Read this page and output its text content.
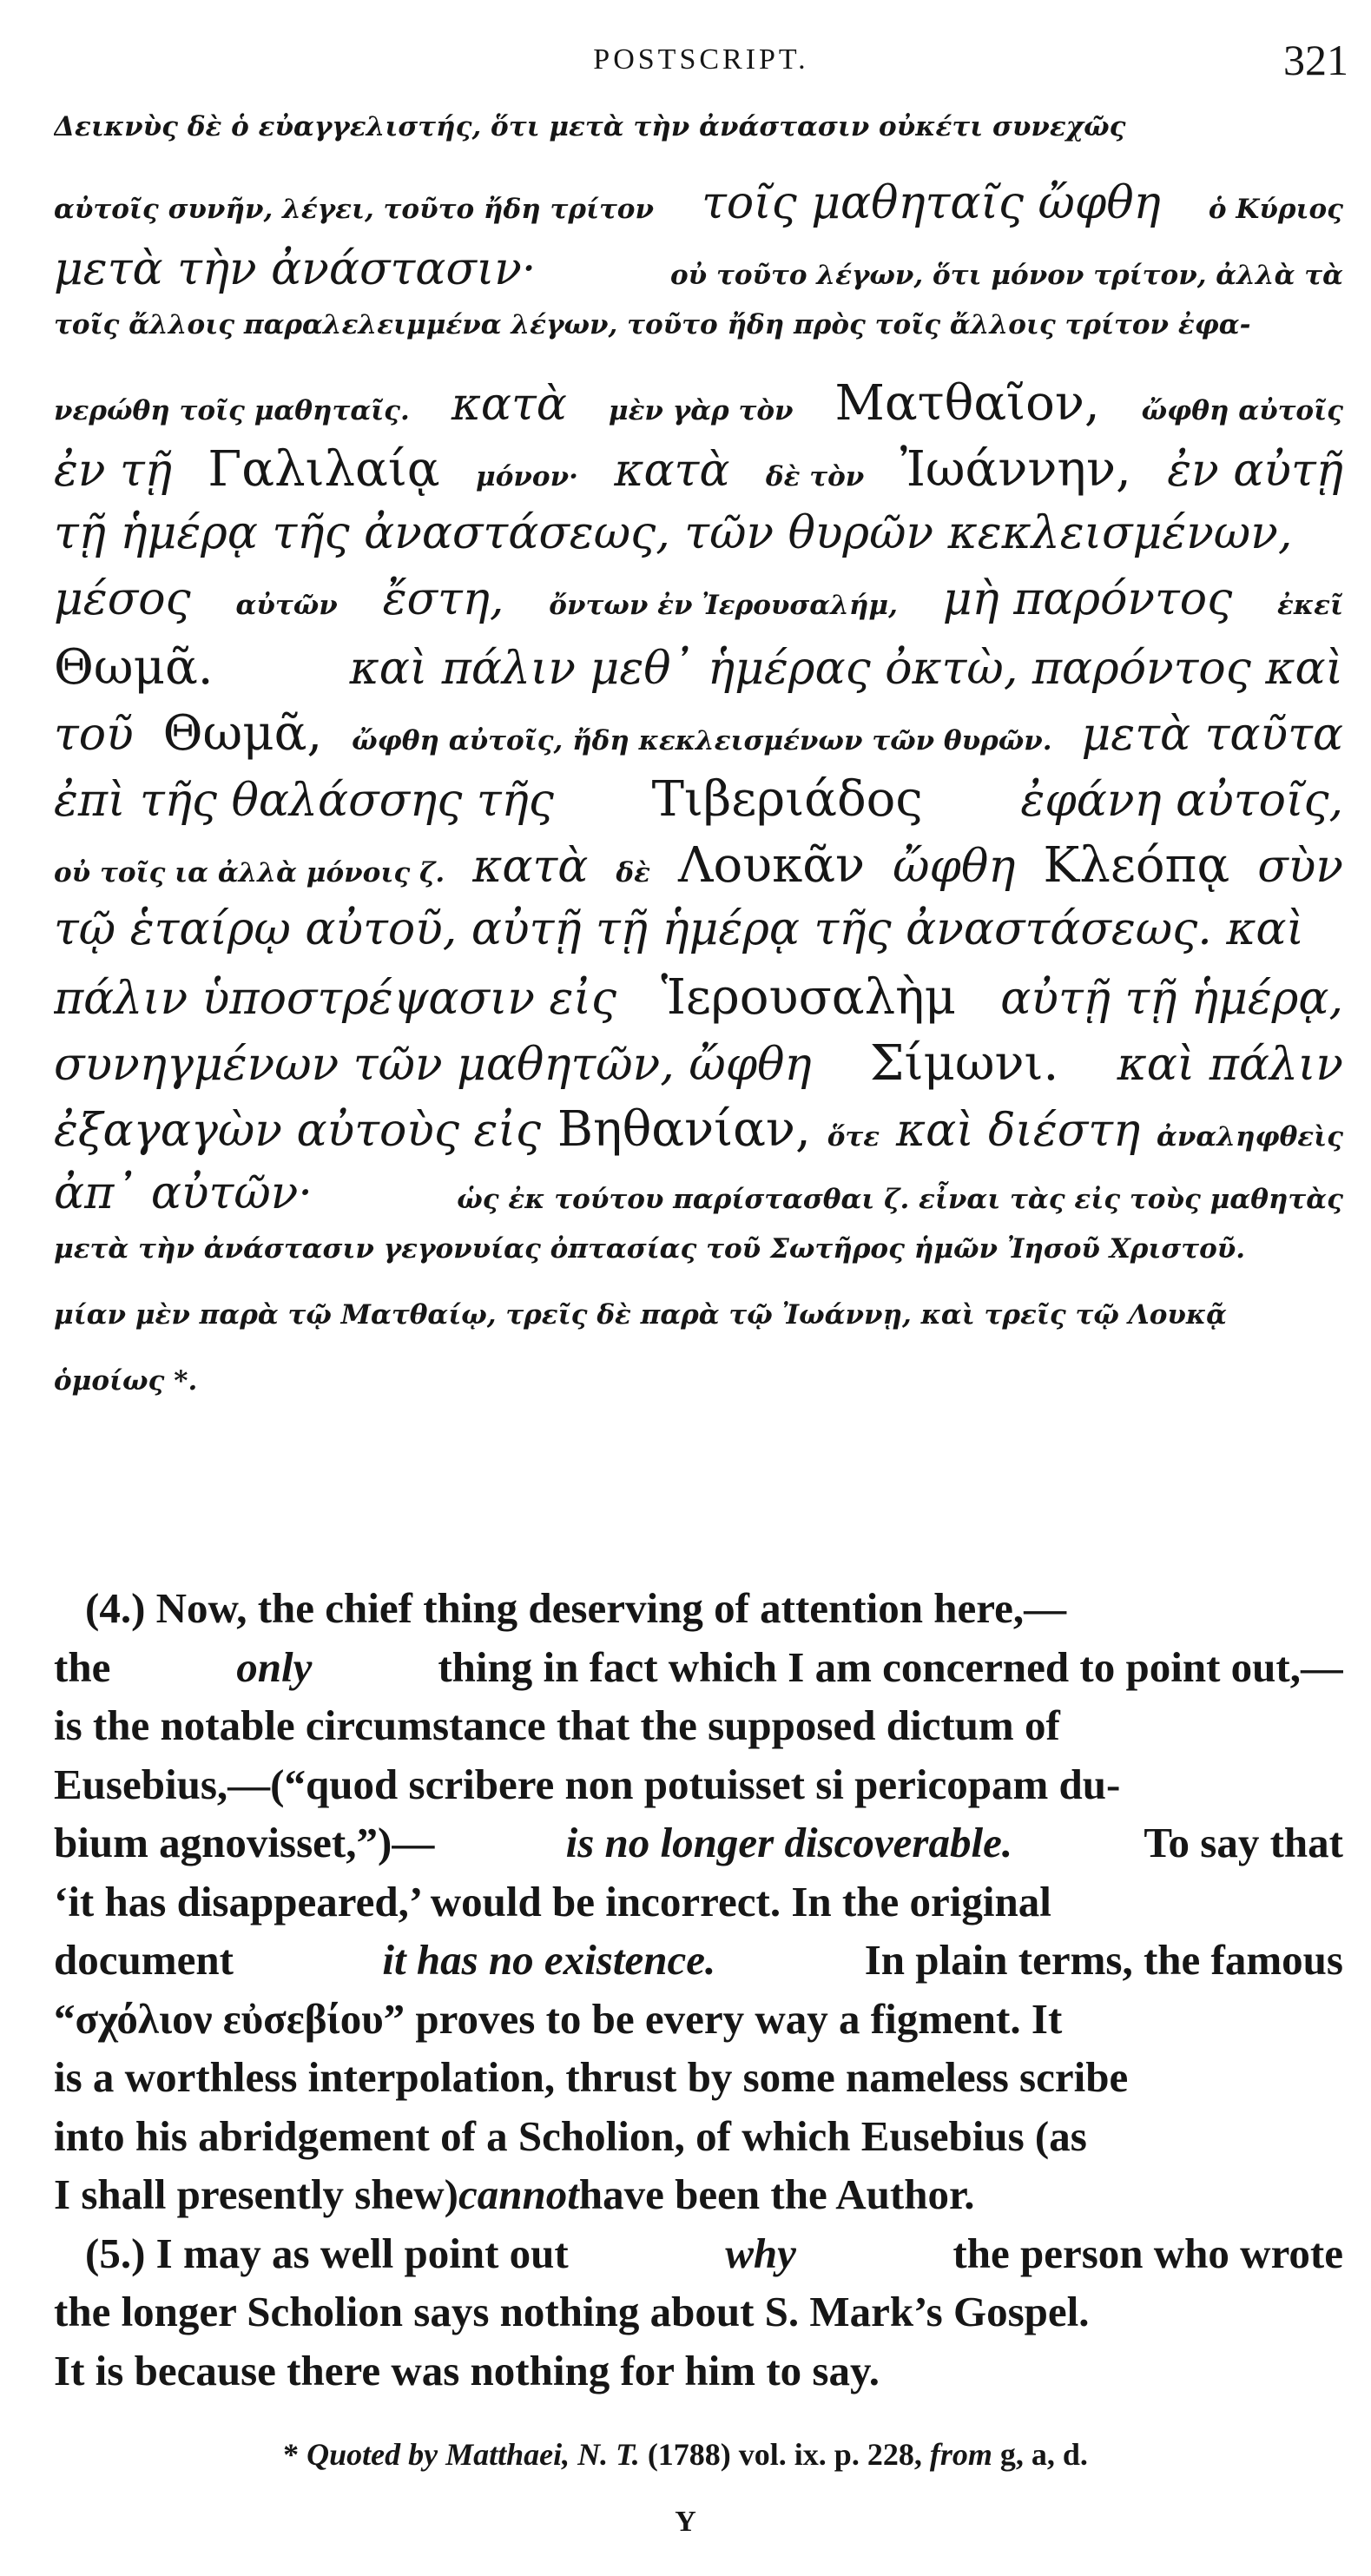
POSTSCRIPT.	321
Δεικνὺς δὲ ὁ εὐαγγελιστής, ὅτι μετὰ τὴν ἀνάστασιν οὐκέτι συνεχῶς
αὐτοῖς συνῆν, λέγει, τοῦτο ἤδη τρίτον τοῖς μαθηταῖς ὤφθη ὁ Κύριος
μετὰ τὴν ἀνάστασιν·	οὐ τοῦτο λέγων, ὅτι μόνον τρίτον, ἀλλὰ τὰ
τοῖς ἄλλοις παραλελειμμένα λέγων, τοῦτο ἤδη πρὸς τοῖς ἄλλοις τρίτον ἐφα-
νερώθη τοῖς μαθηταῖς. κατὰ μὲν γὰρ τὸν Ματθαῖον, ὤφθη αὐτοῖς
ἐν τῇ Γαλιλαίᾳ μόνον· κατὰ δὲ τὸν Ἰωάννην, ἐν αὐτῇ
τῇ ἡμέρᾳ τῆς ἀναστάσεως, τῶν θυρῶν κεκλεισμένων,
μέσος αὐτῶν ἔστη, ὄντων ἐν Ἰερουσαλήμ, μὴ παρόντος ἐκεῖ
Θωμᾶ.	καὶ πάλιν μεθ᾽ ἡμέρας ὀκτὼ, παρόντος καὶ
τοῦ Θωμᾶ, ὤφθη αὐτοῖς, ἤδη κεκλεισμένων τῶν θυρῶν. μετὰ ταῦτα
ἐπὶ τῆς θαλάσσης τῆς Τιβεριάδος ἐφάνη αὐτοῖς,
οὐ τοῖς ια ἀλλὰ μόνοις ζ. κατὰ δὲ Λουκᾶν ὤφθη Κλεόπᾳ σὺν
τῷ ἑταίρῳ αὐτοῦ, αὐτῇ τῇ ἡμέρᾳ τῆς ἀναστάσεως. καὶ
πάλιν ὑποστρέψασιν εἰς Ἱερουσαλὴμ αὐτῇ τῇ ἡμέρᾳ,
συνηγμένων τῶν μαθητῶν, ὤφθη Σίμωνι. καὶ πάλιν
ἐξαγαγὼν αὐτοὺς εἰς Βηθανίαν, ὅτε καὶ διέστη ἀναληφθεὶς
ἀπ᾽ αὐτῶν·	ὡς ἐκ τούτου παρίστασθαι ζ. εἶναι τὰς εἰς τοὺς μαθητὰς
μετὰ τὴν ἀνάστασιν γεγονυίας ὀπτασίας τοῦ Σωτῆρος ἡμῶν Ἰησοῦ Χριστοῦ.
μίαν μὲν παρὰ τῷ Ματθαίῳ, τρεῖς δὲ παρὰ τῷ Ἰωάννῃ, καὶ τρεῖς τῷ Λουκᾷ
ὁμοίως *.
(4.) Now, the chief thing deserving of attention here,—
the	only	thing in fact which I am concerned to point out,—
is the notable circumstance that the supposed dictum of
Eusebius,—(“quod scribere non potuisset si pericopam du-
bium agnovisset,”)—	is no longer discoverable.	To say that
‘it has disappeared,’ would be incorrect. In the original
document	it has no existence.	In plain terms, the famous
“σχόλιον εὐσεβίου” proves to be every way a figment. It
is a worthless interpolation, thrust by some nameless scribe
into his abridgement of a Scholion, of which Eusebius (as
I shall presently shew) cannot have been the Author.
(5.) I may as well point out	why	the person who wrote
the longer Scholion says nothing about S. Mark’s Gospel.
It is because there was nothing for him to say.
* Quoted by Matthaei, N. T. (1788) vol. ix. p. 228, from g, a, d.
Y
